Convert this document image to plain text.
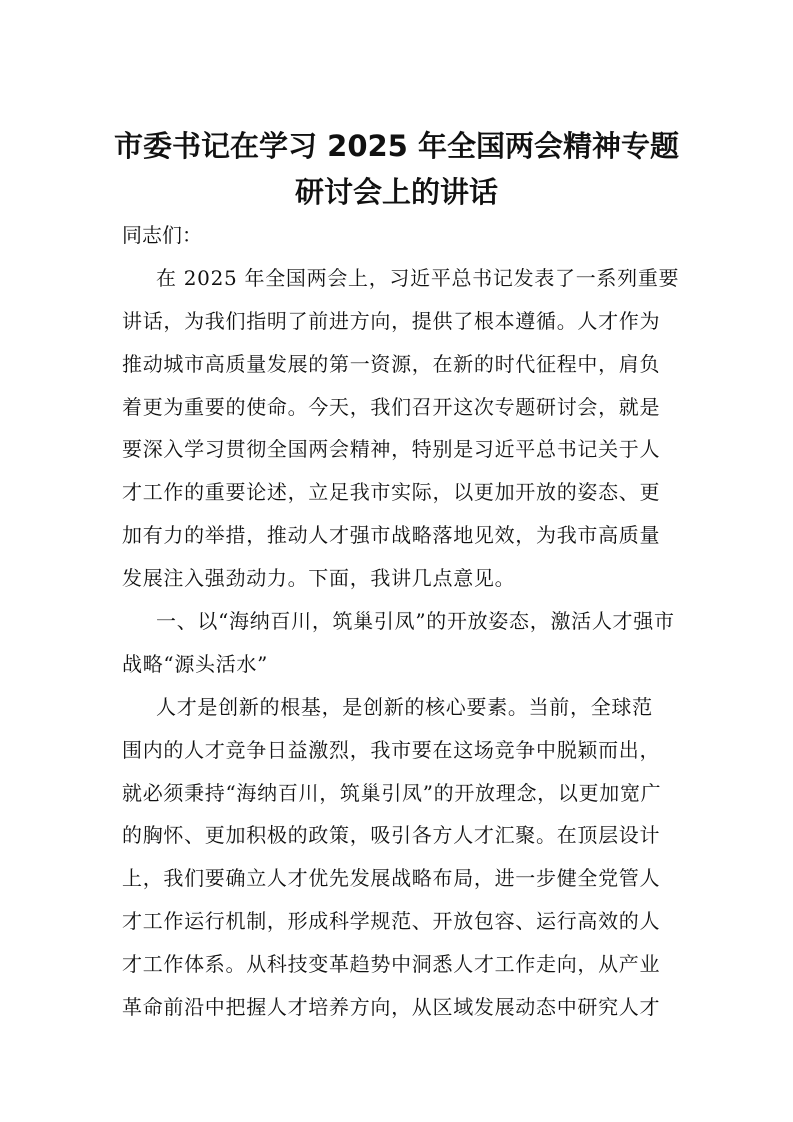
市委书记在学习 2025 年全国两会精神专题
研讨会上的讲话
同志们：
在 2025 年全国两会上，习近平总书记发表了一系列重要
讲话，为我们指明了前进方向，提供了根本遵循。人才作为
推动城市高质量发展的第一资源，在新的时代征程中，肩负
着更为重要的使命。今天，我们召开这次专题研讨会，就是
要深入学习贯彻全国两会精神，特别是习近平总书记关于人
才工作的重要论述，立足我市实际，以更加开放的姿态、更
加有力的举措，推动人才强市战略落地见效，为我市高质量
发展注入强劲动力。下面，我讲几点意见。
一、以“海纳百川，筑巢引凤”的开放姿态，激活人才强市
战略“源头活水”
人才是创新的根基，是创新的核心要素。当前，全球范
围内的人才竞争日益激烈，我市要在这场竞争中脱颖而出，
就必须秉持“海纳百川，筑巢引凤”的开放理念，以更加宽广
的胸怀、更加积极的政策，吸引各方人才汇聚。在顶层设计
上，我们要确立人才优先发展战略布局，进一步健全党管人
才工作运行机制，形成科学规范、开放包容、运行高效的人
才工作体系。从科技变革趋势中洞悉人才工作走向，从产业
革命前沿中把握人才培养方向，从区域发展动态中研究人才
